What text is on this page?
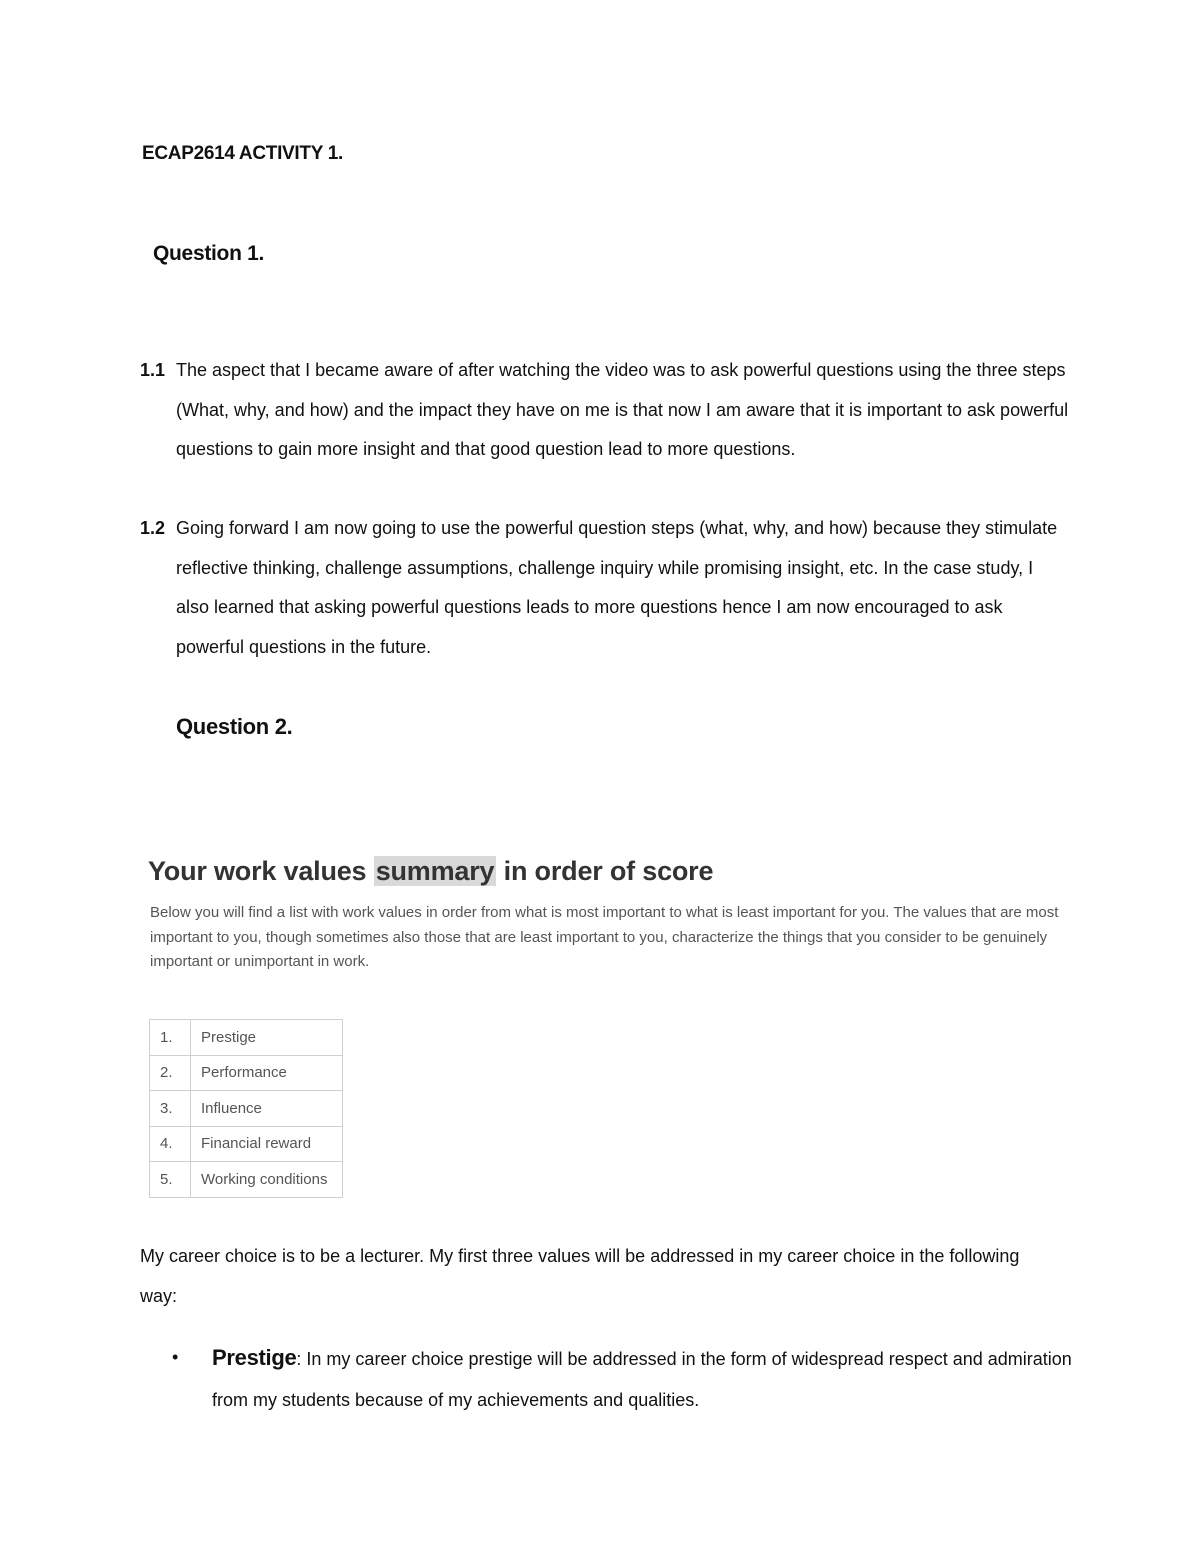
ECAP2614 ACTIVITY 1.
Question 1.
1.1 The aspect that I became aware of after watching the video was to ask powerful questions using the three steps (What, why, and how) and the impact they have on me is that now I am aware that it is important to ask powerful questions to gain more insight and that good question lead to more questions.
1.2 Going forward I am now going to use the powerful question steps (what, why, and how) because they stimulate reflective thinking, challenge assumptions, challenge inquiry while promising insight, etc. In the case study, I also learned that asking powerful questions leads to more questions hence I am now encouraged to ask powerful questions in the future.
Question 2.
Your work values summary in order of score
Below you will find a list with work values in order from what is most important to what is least important for you. The values that are most important to you, though sometimes also those that are least important to you, characterize the things that you consider to be genuinely important or unimportant in work.
1.	Prestige
2.	Performance
3.	Influence
4.	Financial reward
5.	Working conditions
My career choice is to be a lecturer. My first three values will be addressed in my career choice in the following way:
• Prestige: In my career choice prestige will be addressed in the form of widespread respect and admiration from my students because of my achievements and qualities.
